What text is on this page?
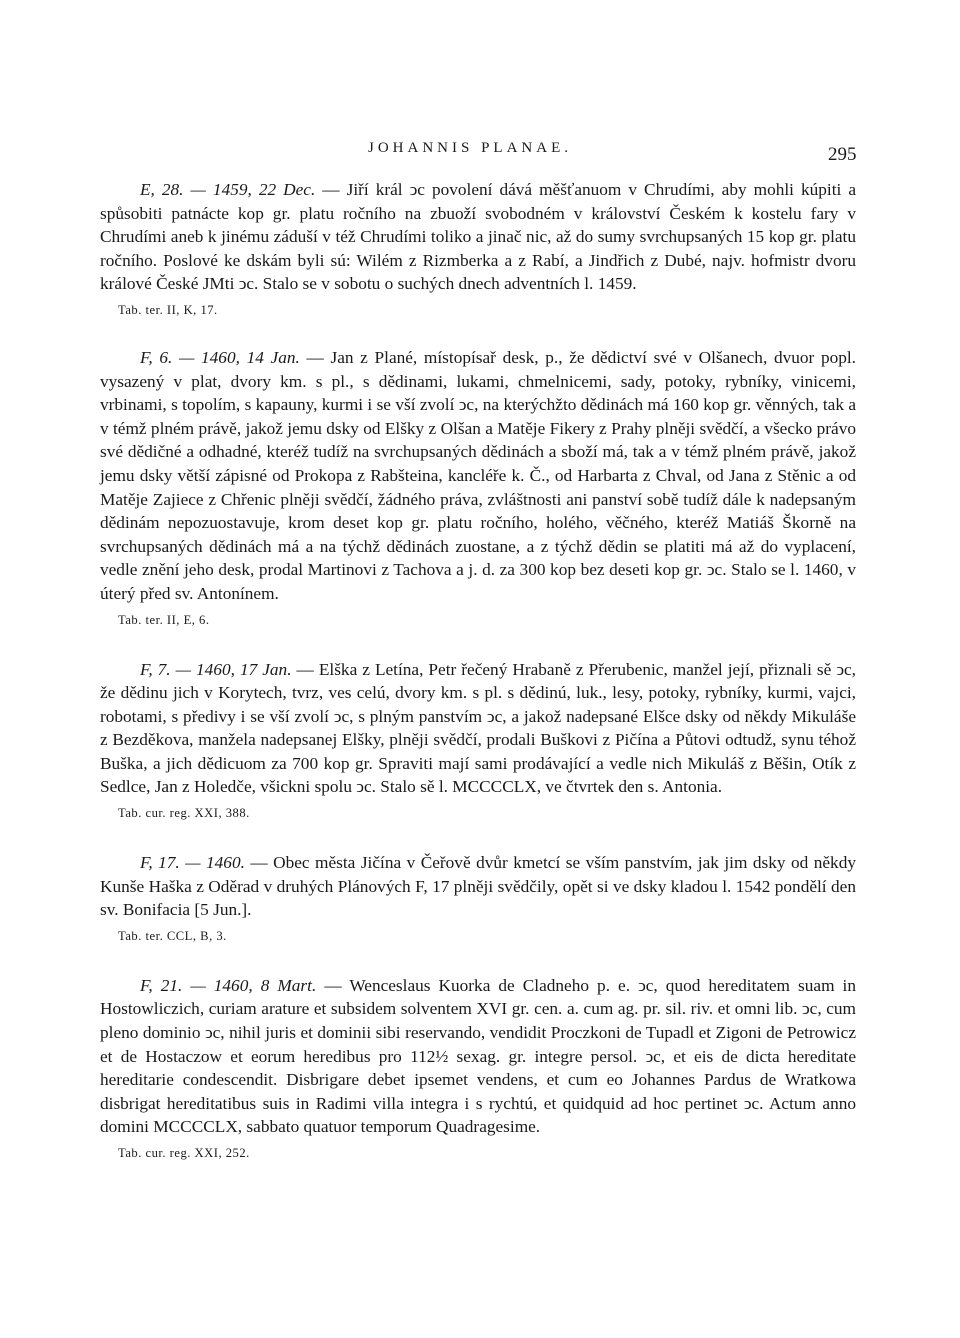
JOHANNIS PLANAE.	295

E, 28. — 1459, 22 Dec. — Jiří král ↄc povolení dává měšťanuom v Chrudími, aby mohli kúpiti a spůsobiti patnácte kop gr. platu ročního na zbuoží svobodném v království Českém k kostelu fary v Chrudími aneb k jinému záduší v též Chrudími toliko a jinač nic, až do sumy svrchupsaných 15 kop gr. platu ročního. Poslové ke dskám byli sú: Wilém z Rizmberka a z Rabí, a Jindřich z Dubé, najv. hofmistr dvoru králové České JMti ↄc. Stalo se v sobotu o suchých dnech adventních l. 1459.

Tab. ter. II, K, 17.

F, 6. — 1460, 14 Jan. — Jan z Plané, místopísař desk, p., že dědictví své v Olšanech, dvuor popl. vysazený v plat, dvory km. s pl., s dědinami, lukami, chmelnicemi, sady, potoky, rybníky, vinicemi, vrbinami, s topolím, s kapauny, kurmi i se vší zvolí ↄc, na kterýchžto dědinách má 160 kop gr. věnných, tak a v témž plném právě, jakož jemu dsky od Elšky z Olšan a Matěje Fikery z Prahy plněji svědčí, a všecko právo své dědičné a odhadné, kteréž tudíž na svrchupsaných dědinách a sboží má, tak a v témž plném právě, jakož jemu dsky větší zápisné od Prokopa z Rabšteina, kancléře k. Č., od Harbarta z Chval, od Jana z Stěnic a od Matěje Zajiece z Chřenic plněji svědčí, žádného práva, zvláštnosti ani panství sobě tudíž dále k nadepsaným dědinám nepozuostavuje, krom deset kop gr. platu ročního, holého, věčného, kteréž Matiáš Škorně na svrchupsaných dědinách má a na týchž dědinách zuostane, a z týchž dědin se platiti má až do vyplacení, vedle znění jeho desk, prodal Martinovi z Tachova a j. d. za 300 kop bez deseti kop gr. ↄc. Stalo se l. 1460, v úterý před sv. Antonínem.

Tab. ter. II, E, 6.

F, 7. — 1460, 17 Jan. — Elška z Letína, Petr řečený Hrabaně z Přerubenic, manžel její, přiznali sě ↄc, že dědinu jich v Korytech, tvrz, ves celú, dvory km. s pl. s dědinú, luk., lesy, potoky, rybníky, kurmi, vajci, robotami, s předivy i se vší zvolí ↄc, s plným panstvím ↄc, a jakož nadepsané Elšce dsky od někdy Mikuláše z Bezděkova, manžela nadepsanej Elšky, plněji svědčí, prodali Buškovi z Pičína a Půtovi odtudž, synu téhož Buška, a jich dědicuom za 700 kop gr. Spraviti mají sami prodávající a vedle nich Mikuláš z Běšin, Otík z Sedlce, Jan z Holedče, všickni spolu ↄc. Stalo sě l. MCCCCLX, ve čtvrtek den s. Antonia.

Tab. cur. reg. XXI, 388.

F, 17. — 1460. — Obec města Jičína v Čeřově dvůr kmetcí se vším panstvím, jak jim dsky od někdy Kunše Haška z Oděrad v druhých Plánových F, 17 plněji svědčily, opět si ve dsky kladou l. 1542 pondělí den sv. Bonifacia [5 Jun.].

Tab. ter. CCL, B, 3.

F, 21. — 1460, 8 Mart. — Wenceslaus Kuorka de Cladneho p. e. ↄc, quod hereditatem suam in Hostowliczich, curiam arature et subsidem solventem XVI gr. cen. a. cum ag. pr. sil. riv. et omni lib. ↄc, cum pleno dominio ↄc, nihil juris et dominii sibi reservando, vendidit Proczkoni de Tupadl et Zigoni de Petrowicz et de Hostaczow et eorum heredibus pro 112½ sexag. gr. integre persol. ↄc, et eis de dicta hereditate hereditarie condescendit. Disbrigare debet ipsemet vendens, et cum eo Johannes Pardus de Wratkowa disbrigat hereditatibus suis in Radimi villa integra i s rychtú, et quidquid ad hoc pertinet ↄc. Actum anno domini MCCCCLX, sabbato quatuor temporum Quadragesime.

Tab. cur. reg. XXI, 252.
